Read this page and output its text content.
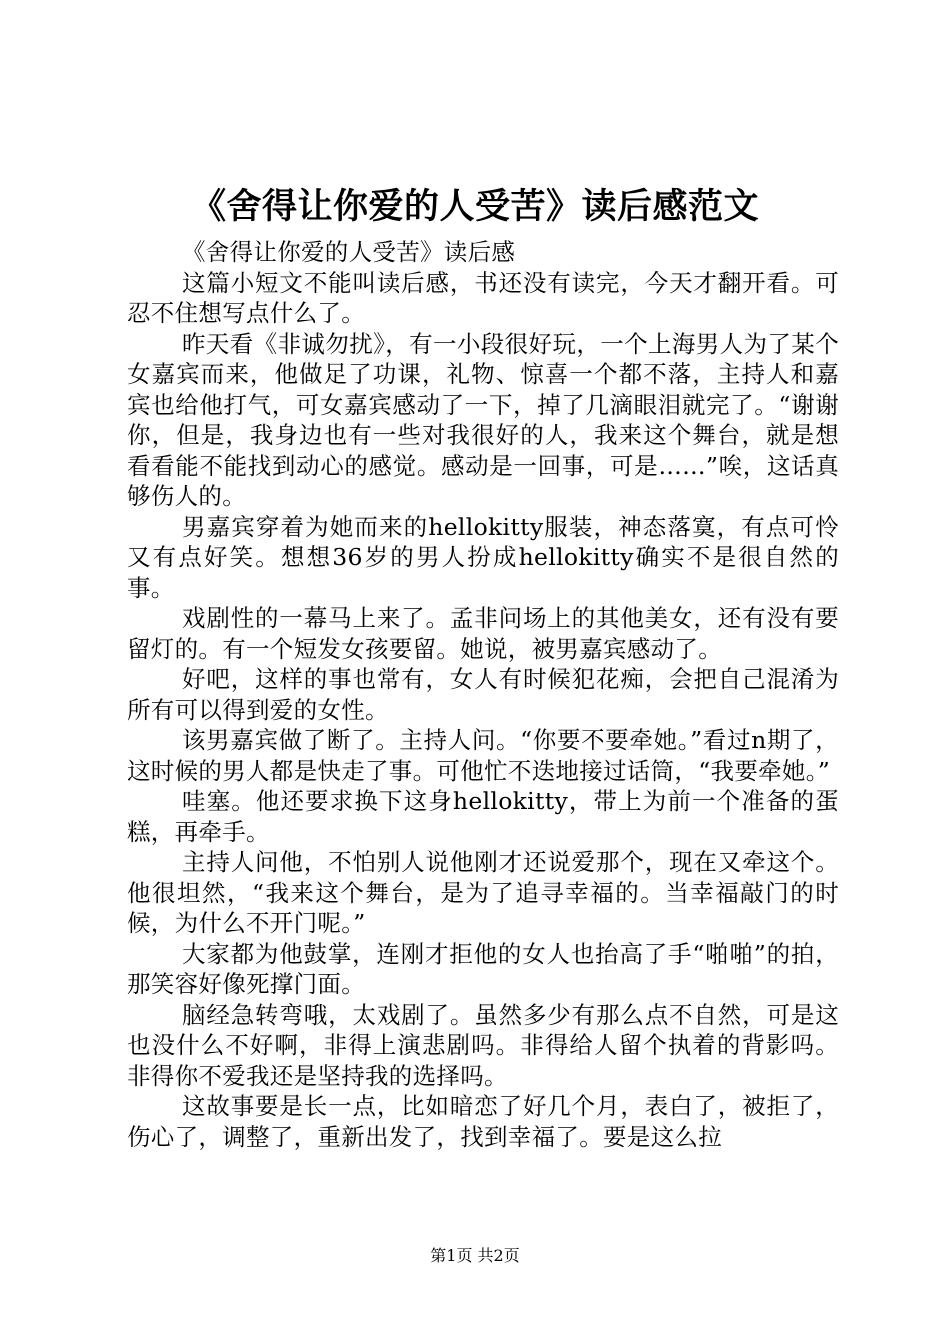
《舍得让你爱的人受苦》读后感范文

《舍得让你爱的人受苦》读后感

这篇小短文不能叫读后感，书还没有读完，今天才翻开看。可忍不住想写点什么了。

昨天看《非诚勿扰》，有一小段很好玩，一个上海男人为了某个女嘉宾而来，他做足了功课，礼物、惊喜一个都不落，主持人和嘉宾也给他打气，可女嘉宾感动了一下，掉了几滴眼泪就完了。“谢谢你，但是，我身边也有一些对我很好的人，我来这个舞台，就是想看看能不能找到动心的感觉。感动是一回事，可是……”唉，这话真够伤人的。

男嘉宾穿着为她而来的hellokitty服装，神态落寞，有点可怜又有点好笑。想想36岁的男人扮成hellokitty确实不是很自然的事。

戏剧性的一幕马上来了。孟非问场上的其他美女，还有没有要留灯的。有一个短发女孩要留。她说，被男嘉宾感动了。

好吧，这样的事也常有，女人有时候犯花痴，会把自己混淆为所有可以得到爱的女性。

该男嘉宾做了断了。主持人问。“你要不要牵她。”看过n期了，这时候的男人都是快走了事。可他忙不迭地接过话筒，“我要牵她。”

哇塞。他还要求换下这身hellokitty，带上为前一个准备的蛋糕，再牵手。

主持人问他，不怕别人说他刚才还说爱那个，现在又牵这个。他很坦然，“我来这个舞台，是为了追寻幸福的。当幸福敲门的时候，为什么不开门呢。”

大家都为他鼓掌，连刚才拒他的女人也抬高了手“啪啪”的拍，那笑容好像死撑门面。

脑经急转弯哦，太戏剧了。虽然多少有那么点不自然，可是这也没什么不好啊，非得上演悲剧吗。非得给人留个执着的背影吗。非得你不爱我还是坚持我的选择吗。

这故事要是长一点，比如暗恋了好几个月，表白了，被拒了，伤心了，调整了，重新出发了，找到幸福了。要是这么拉

第1页 共2页
